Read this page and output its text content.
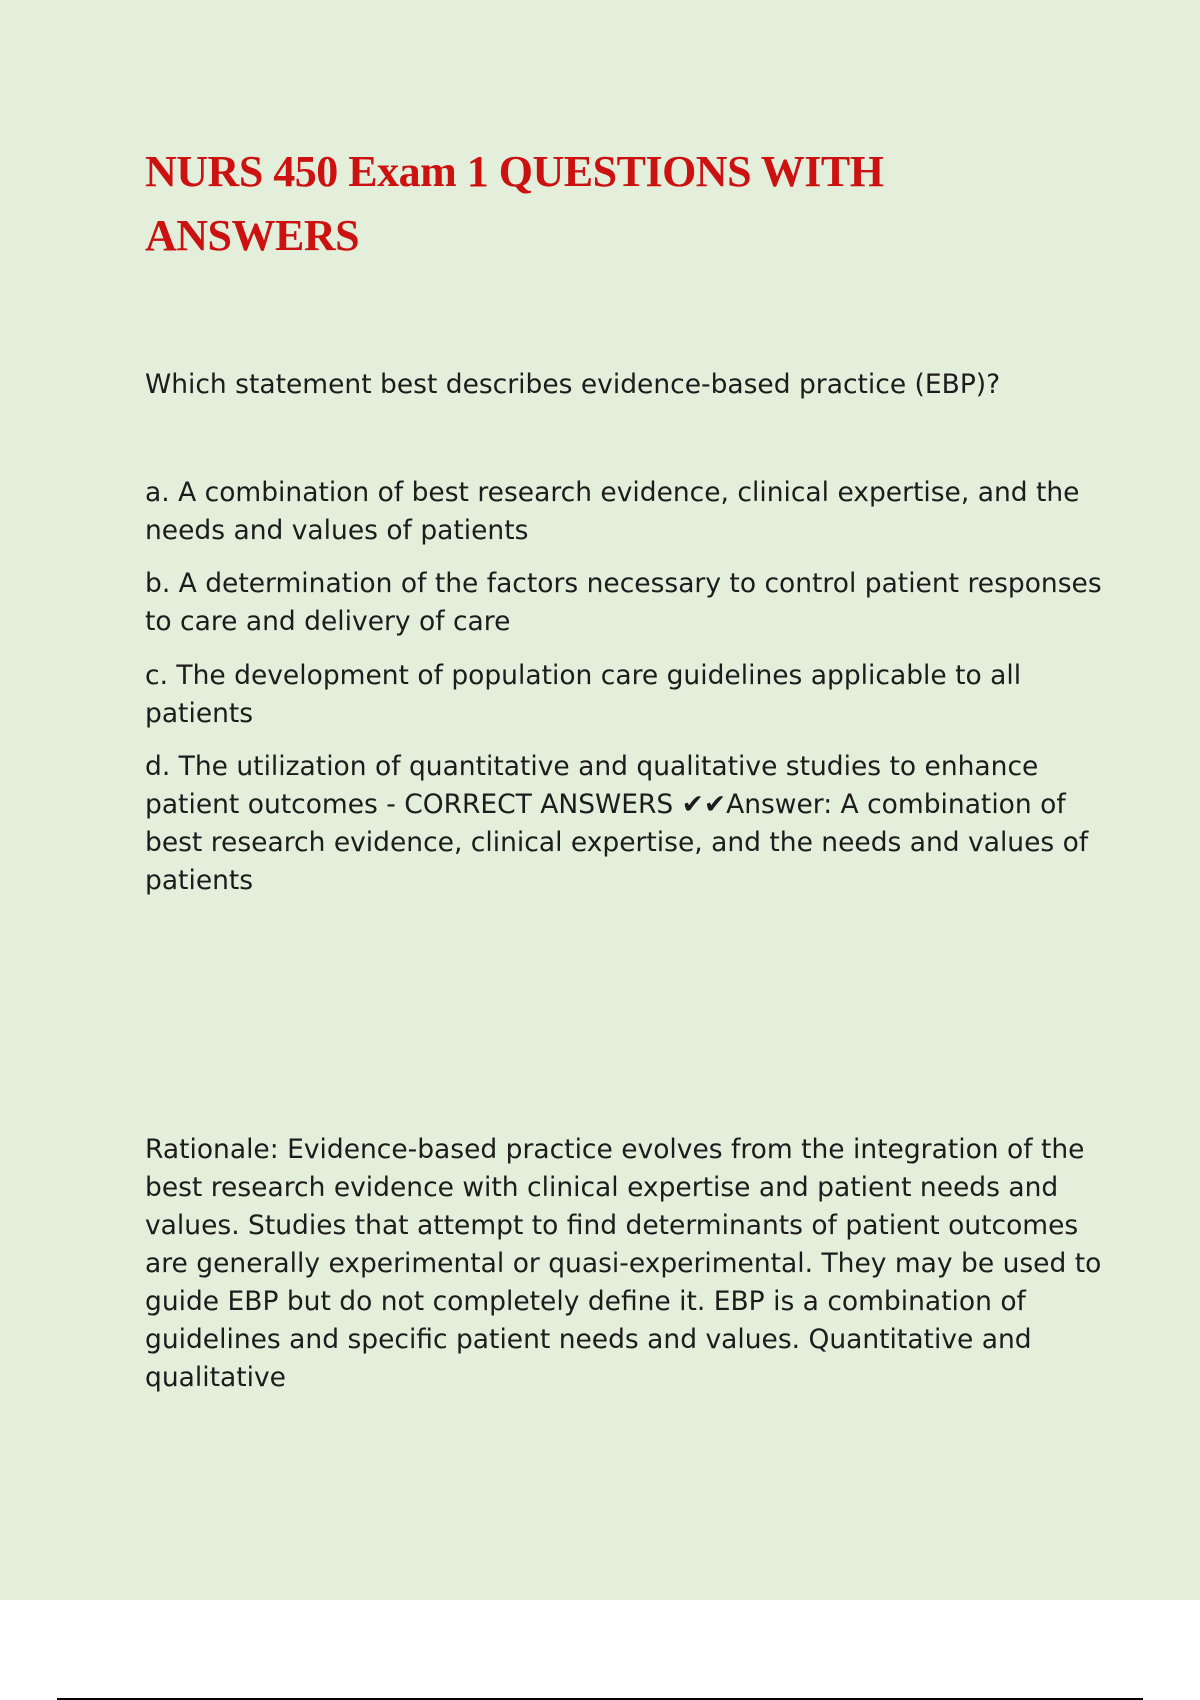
NURS 450 Exam 1 QUESTIONS WITH ANSWERS

Which statement best describes evidence-based practice (EBP)?

a. A combination of best research evidence, clinical expertise, and the needs and values of patients

b. A determination of the factors necessary to control patient responses to care and delivery of care

c. The development of population care guidelines applicable to all patients

d. The utilization of quantitative and qualitative studies to enhance patient outcomes - CORRECT ANSWERS ✔✔Answer: A combination of best research evidence, clinical expertise, and the needs and values of patients

Rationale: Evidence-based practice evolves from the integration of the best research evidence with clinical expertise and patient needs and values. Studies that attempt to find determinants of patient outcomes are generally experimental or quasi-experimental. They may be used to guide EBP but do not completely define it. EBP is a combination of guidelines and specific patient needs and values. Quantitative and qualitative
